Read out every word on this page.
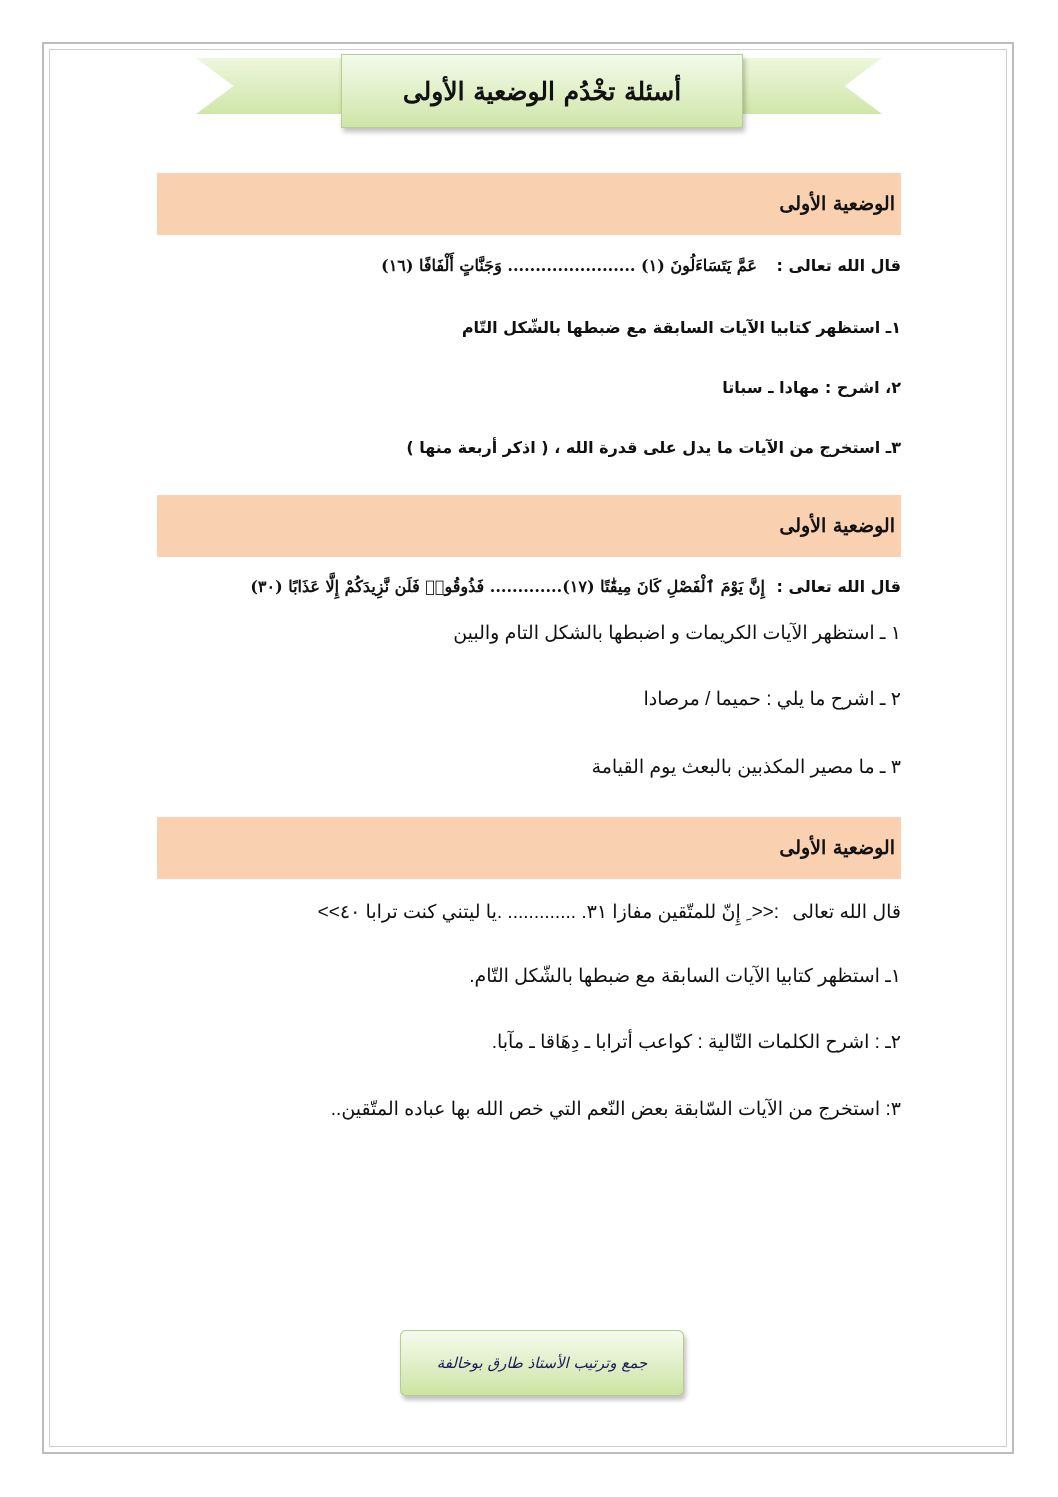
أسئلة تخْدُم الوضعية الأولى
الوضعية الأولى
قال الله تعالى : عَمَّ يَتَسَاءَلُونَ (١) ....................... وَجَنَّاتٍ أَلْفَافًا (١٦)
١ـ استظهر كتابيا الآيات السابقة مع ضبطها بالشّكل التّام
٢، اشرح : مهادا ـ سباتا
٣ـ استخرج من الآيات ما يدل على قدرة الله ، ( اذكر أربعة منها )
الوضعية الأولى
قال الله تعالى : إِنَّ يَوْمَ ٱلْفَصْلِ كَانَ مِيقَٰتًا (١٧)............. فَذُوقُوا۟ فَلَن نَّزِيدَكُمْ إِلَّا عَذَابًا (٣٠)
١ ـ استظهر الآيات الكريمات و اضبطها بالشكل التام والبين
٢ ـ اشرح ما يلي : حميما / مرصادا
٣ ـ ما مصير المكذبين بالبعث يوم القيامة
الوضعية الأولى
قال الله تعالى :<< ِ إِنّ للمتّقين مفازا ٣١. ............. .يا ليتني كنت ترابا ٤٠>>
١ـ استظهر كتابيا الآيات السابقة مع ضبطها بالشّكل التّام.
٢ـ : اشرح الكلمات التّالية : كواعب أترابا ـ دِهَاقا ـ مآبا.
٣: استخرج من الآيات السّابقة بعض النّعم التي خص الله بها عباده المتّقين..
جمع وترتيب الأستاذ طارق بوخالفة
